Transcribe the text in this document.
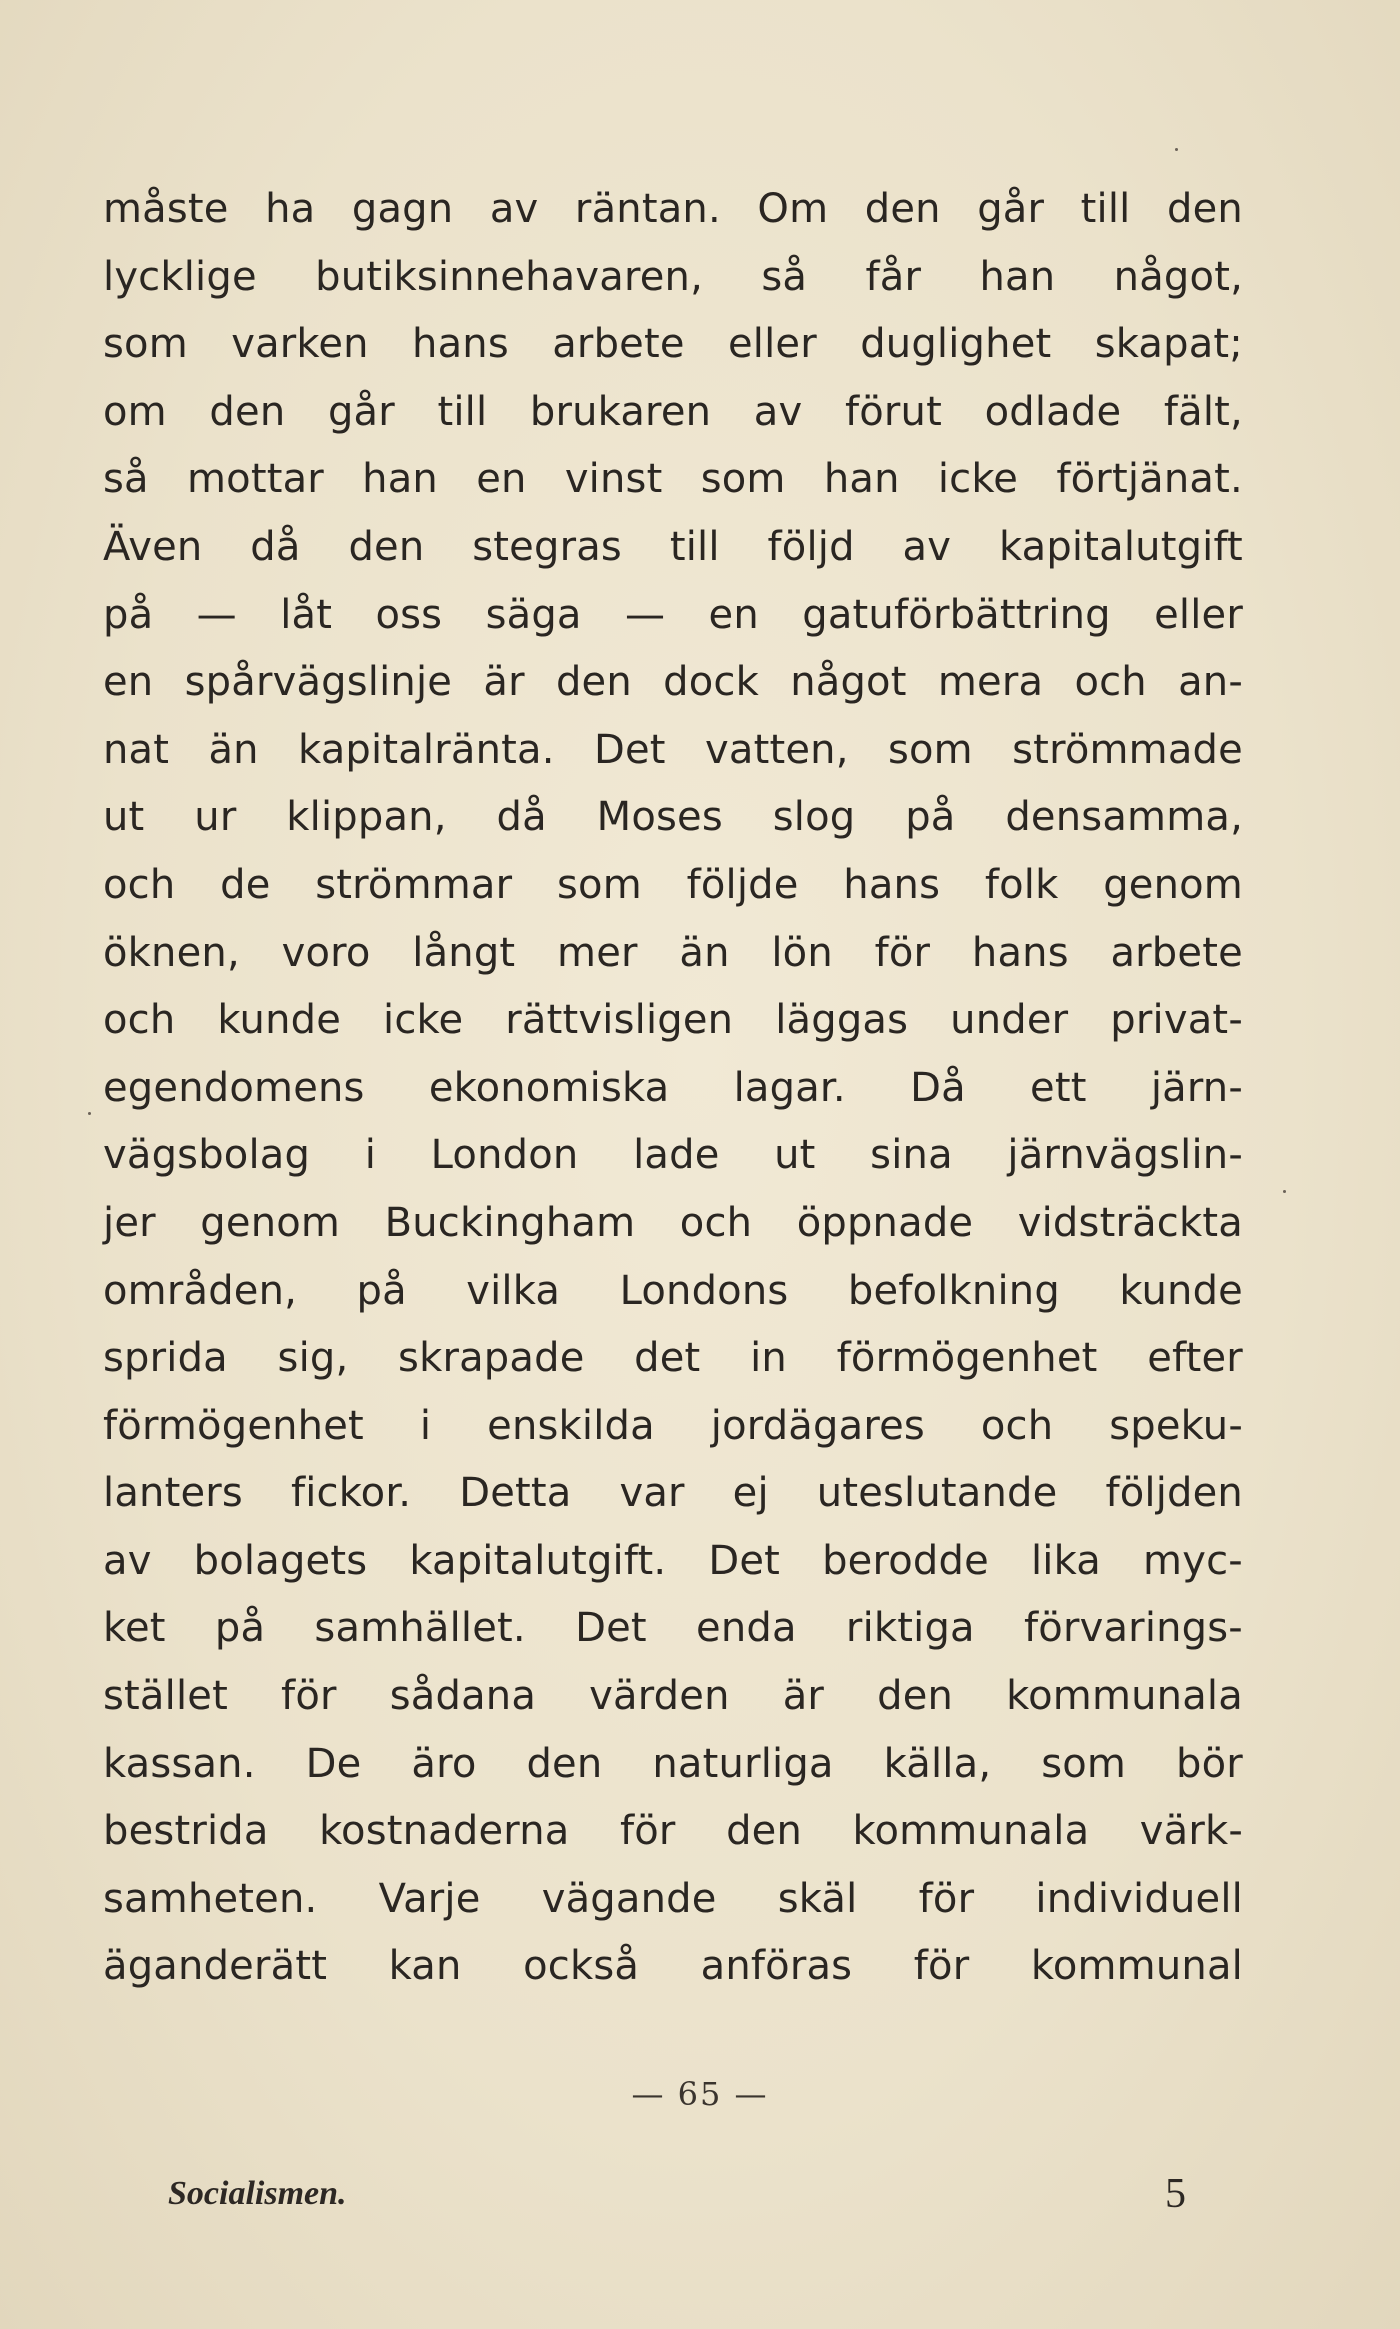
måste ha gagn av räntan. Om den går till den
lycklige butiksinnehavaren, så får han något,
som varken hans arbete eller duglighet skapat;
om den går till brukaren av förut odlade fält,
så mottar han en vinst som han icke förtjänat.
Även då den stegras till följd av kapitalutgift
på — låt oss säga — en gatuförbättring eller
en spårvägslinje är den dock något mera och an-
nat än kapitalränta. Det vatten, som strömmade
ut ur klippan, då Moses slog på densamma,
och de strömmar som följde hans folk genom
öknen, voro långt mer än lön för hans arbete
och kunde icke rättvisligen läggas under privat-
egendomens ekonomiska lagar. Då ett järn-
vägsbolag i London lade ut sina järnvägslin-
jer genom Buckingham och öppnade vidsträckta
områden, på vilka Londons befolkning kunde
sprida sig, skrapade det in förmögenhet efter
förmögenhet i enskilda jordägares och speku-
lanters fickor. Detta var ej uteslutande följden
av bolagets kapitalutgift. Det berodde lika myc-
ket på samhället. Det enda riktiga förvarings-
stället för sådana värden är den kommunala
kassan. De äro den naturliga källa, som bör
bestrida kostnaderna för den kommunala värk-
samheten. Varje vägande skäl för individuell
äganderätt kan också anföras för kommunal
— 65 —
Socialismen.	5
